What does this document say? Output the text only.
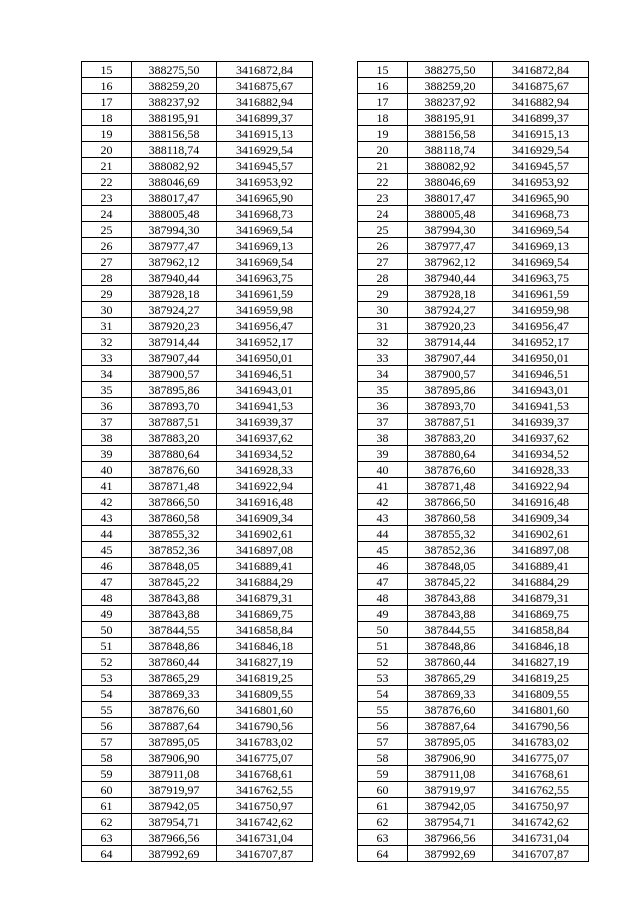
15	388275,50	3416872,84
16	388259,20	3416875,67
17	388237,92	3416882,94
18	388195,91	3416899,37
19	388156,58	3416915,13
20	388118,74	3416929,54
21	388082,92	3416945,57
22	388046,69	3416953,92
23	388017,47	3416965,90
24	388005,48	3416968,73
25	387994,30	3416969,54
26	387977,47	3416969,13
27	387962,12	3416969,54
28	387940,44	3416963,75
29	387928,18	3416961,59
30	387924,27	3416959,98
31	387920,23	3416956,47
32	387914,44	3416952,17
33	387907,44	3416950,01
34	387900,57	3416946,51
35	387895,86	3416943,01
36	387893,70	3416941,53
37	387887,51	3416939,37
38	387883,20	3416937,62
39	387880,64	3416934,52
40	387876,60	3416928,33
41	387871,48	3416922,94
42	387866,50	3416916,48
43	387860,58	3416909,34
44	387855,32	3416902,61
45	387852,36	3416897,08
46	387848,05	3416889,41
47	387845,22	3416884,29
48	387843,88	3416879,31
49	387843,88	3416869,75
50	387844,55	3416858,84
51	387848,86	3416846,18
52	387860,44	3416827,19
53	387865,29	3416819,25
54	387869,33	3416809,55
55	387876,60	3416801,60
56	387887,64	3416790,56
57	387895,05	3416783,02
58	387906,90	3416775,07
59	387911,08	3416768,61
60	387919,97	3416762,55
61	387942,05	3416750,97
62	387954,71	3416742,62
63	387966,56	3416731,04
64	387992,69	3416707,87
15	388275,50	3416872,84
16	388259,20	3416875,67
17	388237,92	3416882,94
18	388195,91	3416899,37
19	388156,58	3416915,13
20	388118,74	3416929,54
21	388082,92	3416945,57
22	388046,69	3416953,92
23	388017,47	3416965,90
24	388005,48	3416968,73
25	387994,30	3416969,54
26	387977,47	3416969,13
27	387962,12	3416969,54
28	387940,44	3416963,75
29	387928,18	3416961,59
30	387924,27	3416959,98
31	387920,23	3416956,47
32	387914,44	3416952,17
33	387907,44	3416950,01
34	387900,57	3416946,51
35	387895,86	3416943,01
36	387893,70	3416941,53
37	387887,51	3416939,37
38	387883,20	3416937,62
39	387880,64	3416934,52
40	387876,60	3416928,33
41	387871,48	3416922,94
42	387866,50	3416916,48
43	387860,58	3416909,34
44	387855,32	3416902,61
45	387852,36	3416897,08
46	387848,05	3416889,41
47	387845,22	3416884,29
48	387843,88	3416879,31
49	387843,88	3416869,75
50	387844,55	3416858,84
51	387848,86	3416846,18
52	387860,44	3416827,19
53	387865,29	3416819,25
54	387869,33	3416809,55
55	387876,60	3416801,60
56	387887,64	3416790,56
57	387895,05	3416783,02
58	387906,90	3416775,07
59	387911,08	3416768,61
60	387919,97	3416762,55
61	387942,05	3416750,97
62	387954,71	3416742,62
63	387966,56	3416731,04
64	387992,69	3416707,87
